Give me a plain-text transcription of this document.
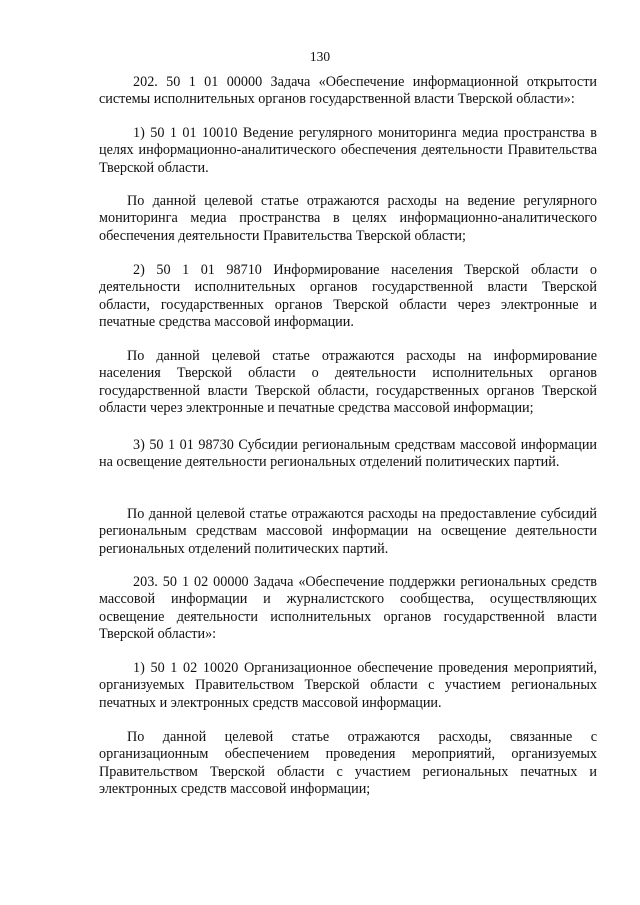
130

202. 50 1 01 00000 Задача «Обеспечение информационной открытости системы исполнительных органов государственной власти Тверской области»:

1) 50 1 01 10010 Ведение регулярного мониторинга медиа пространства в целях информационно-аналитического обеспечения деятельности Правительства Тверской области.

По данной целевой статье отражаются расходы на ведение регулярного мониторинга медиа пространства в целях информационно-аналитического обеспечения деятельности Правительства Тверской области;

2) 50 1 01 98710 Информирование населения Тверской области о деятельности исполнительных органов государственной власти Тверской области, государственных органов Тверской области через электронные и печатные средства массовой информации.

По данной целевой статье отражаются расходы на информирование населения Тверской области о деятельности исполнительных органов государственной власти Тверской области, государственных органов Тверской области через электронные и печатные средства массовой информации;

3) 50 1 01 98730 Субсидии региональным средствам массовой информации на освещение деятельности региональных отделений политических партий.

По данной целевой статье отражаются расходы на предоставление субсидий региональным средствам массовой информации на освещение деятельности региональных отделений политических партий.

203. 50 1 02 00000 Задача «Обеспечение поддержки региональных средств массовой информации и журналистского сообщества, осуществляющих освещение деятельности исполнительных органов государственной власти Тверской области»:

1) 50 1 02 10020 Организационное обеспечение проведения мероприятий, организуемых Правительством Тверской области с участием региональных печатных и электронных средств массовой информации.

По данной целевой статье отражаются расходы, связанные с организационным обеспечением проведения мероприятий, организуемых Правительством Тверской области с участием региональных печатных и электронных средств массовой информации;
